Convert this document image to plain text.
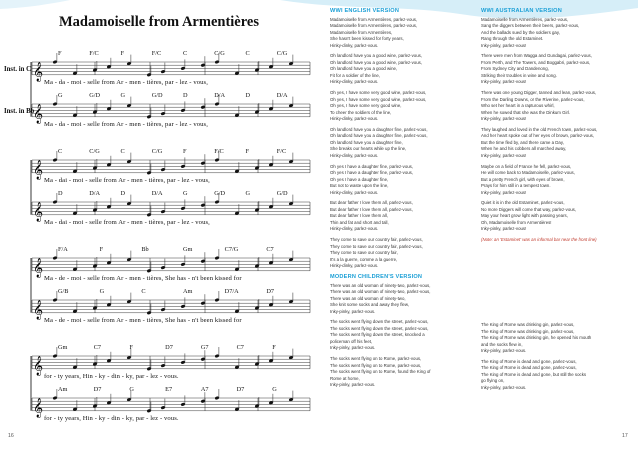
Madamoiselle from Armentières
𝄞
𝄞
𝄞
𝄞
𝄞
𝄞
𝄞
𝄞
F	F/C	F	F/C	C	C/G	C	C/G
G	G/D	G	G/D	D	D/A	D	D/A
Ma - da - moi - selle from Ar - men - tières, par - lez - vous,
Ma - da - moi - selle from Ar - men - tières, par - lez - vous,
Inst. in C
Inst. in Bb
C	C/G	C	C/G	F	F/C	F	F/C
D	D/A	D	D/A	G	G/D	G	G/D
Ma - dai - moi - selle from Ar - men - tières, par - lez - vous,
Ma - dai - moi - selle from Ar - men - tières, par - lez - vous,
F/A	F	Bb	Gm	C7/G	C7
G/B	G	C	Am	D7/A	D7
Ma - de - moi - selle from Ar - men - tières, She has - n't been kissed for
Ma - de - moi - selle from Ar - men - tières, She has - n't been kissed for
Gm	C7	F	D7	G7	C7	F
Am	D7	G	E7	A7	D7	G
for - ty years, Hin - ky - din - ky, par - lez - vous.
for - ty years, Hin - ky - din - ky, par - lez - vous.
16
WWI ENGLISH VERSION

Madamoiselle from Armentières, parlez-vous,

Madamoiselle from Armentières, parlez-vous,

Madamoiselle from Armentières,

She hasn't been kissed for forty years,

Hinky-dinky, parlez-vous.

Oh landlord have you a good wine, parlez-vous,

Oh landlord have you a good wine, parlez-vous,

Oh landlord have you a good wine,

Fit for a soldier of the line,

Hinky-dinky, parlez-vous.

Oh yes, I have some very good wine, parlez-vous,

Oh yes, I have some very good wine, parlez-vous,

Oh yes, I have some very good wine,

To cheer the soldiers of the line,

Hinky-dinky, parlez-vous.

Oh landlord have you a daughter fine, parlez-vous,

Oh landlord have you a daughter fine, parlez-vous,

Oh landlord have you a daughter fine,

She breaks our hearts while up the line,

Hinky-dinky, parlez-vous.

Oh yes I have a daughter fine, parlez-vous,

Oh yes I have a daughter fine, parlez-vous,

Oh yes I have a daughter fine,

But not to waste upon the line,

Hinky-dinky, parlez-vous.

But dear father I love them all, parlez-vous,

But dear father I love them all, parlez-vous,

But dear father I love them all,

Thin and fat and short and tall,

Hinky-dinky, parlez-vous.

They come to save our country fair, parlez-vous,

They come to save our country fair, parlez-vous,

They come to save our country fair,

It's a la guerre, comme a la guerre,

Hinky-dinky, parlez-vous.

MODERN CHILDREN'S VERSION

There was an old woman of ninety-two, parlez-vous,

There was an old woman of ninety-two, parlez-vous,

There was an old woman of ninety-two,

She knit some socks and away they flew,

Inky-pinky, parlez-vous.

The socks went flying down the street, parlez-vous,

The socks went flying down the street, parlez-vous,

The socks went flying down the street, knocked a

policeman off his feet,

Inky-pinky, parlez-vous.

The socks went flying on to Rome, parlez-vous,

The socks went flying on to Rome, parlez-vous,

The socks went flying on to Rome, found the King of

Rome at home,

Inky-pinky, parlez-vous.

WWI AUSTRALIAN VERSION

Madamoiselle from Armentières, parlez-vous,

Sang the diggers between their beers, parlez-vous,

And the ballads sued by the soldiers gay,

Rang through the old Estaminet.

Inky-pinky, parlez-vous!

There were men from Wagga and Gundagai, parlez-vous,

From Perth, and The Towers, and Boggabri, parlez-vous,

From Sydney City and Dandenong,

Striking their troubles in wine and song.

Inky-pinky, parlez-vous!

There was one young Digger, tanned and lean, parlez-vous,

From the Darling Downs, or the Riverine, parlez-vous,

Who set her heart in a rapturous whirl,

When he sowed that she was the Dinkum Girl.

Inky-pinky, parlez-vous!

They laughed and loved in the old French town, parlez-vous,

And her heart spoke out of her eyes of brown, parlez-vous,

But the time fled by, and there came a Day,

When he and his cobbers all marched away,

Inky-pinky, parlez-vous!

Maybe on a field of France he fell, parlez-vous,

He will come back to Madamoiselle, parlez-vous,

But a pretty French girl, with eyes of brown,

Prays for him still in a tempest town.

Inky-pinky, parlez-vous!

Quiet it is in the old Estaminet, parlez-vous,

No more Diggers will come that way, parlez-vous,

May your heart grow light with passing years,

Oh, Madamoiselle from Armentières!

Inky-pinky, parlez-vous!

(Note: an 'Estaminet' was an informal bar near the front line)

The King of Rome was drinking gin, parlez-vous,

The King of Rome was drinking gin, parlez-vous,

The King of Rome was drinking gin, he opened his mouth

and the socks flew in,

Inky-pinky, parlez-vous.

The King of Rome is dead and gone, parlez-vous,

The King of Rome is dead and gone, parlez-vous,

The King of Rome is dead and gone, but still the socks

go flying on,

Inky-pinky, parlez-vous.

17
